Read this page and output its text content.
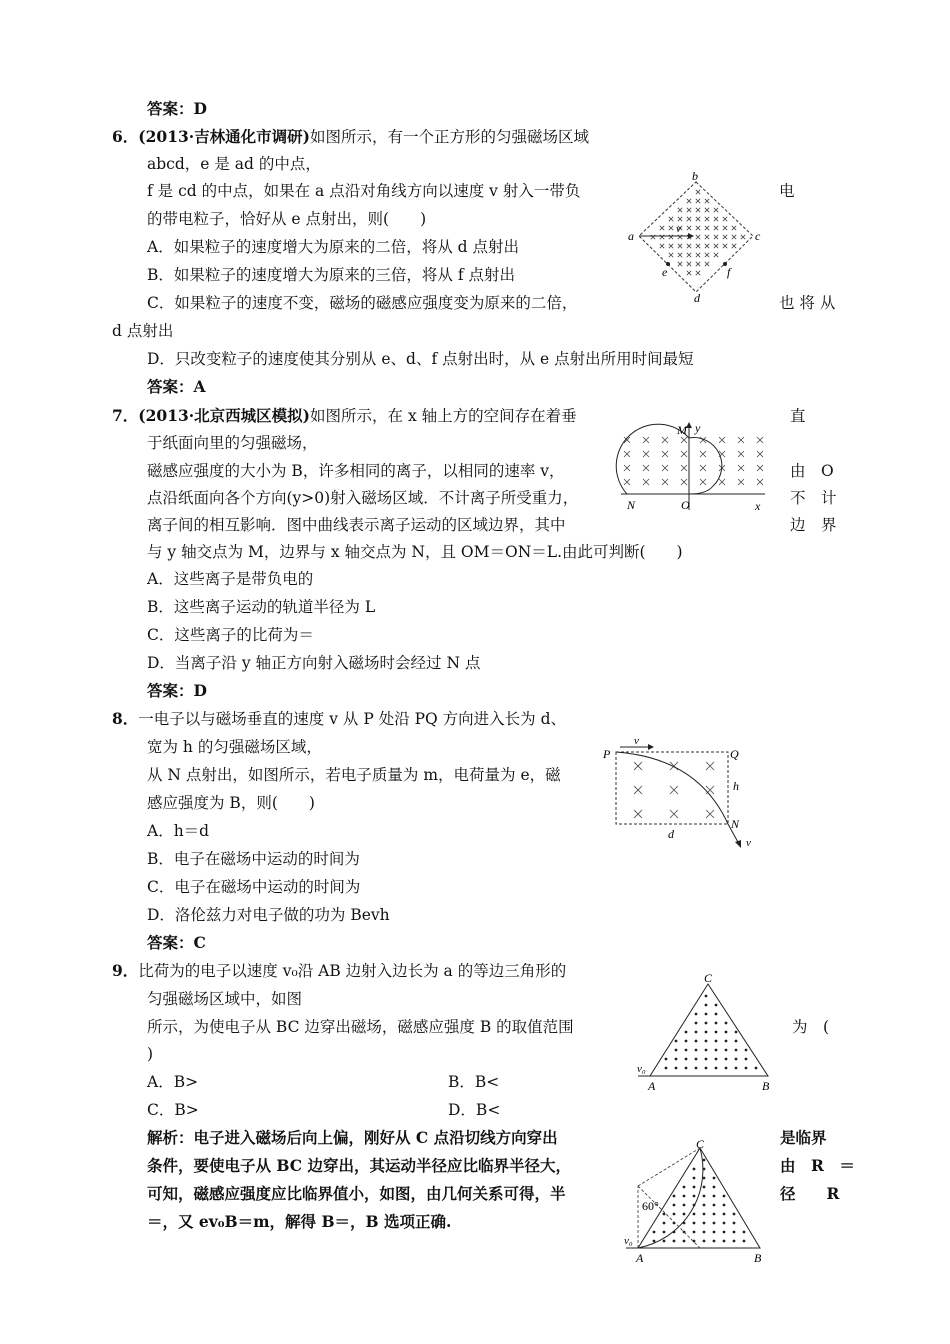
答案：D
6．(2013·吉林通化市调研)如图所示，有一个正方形的匀强磁场区域
abcd，e 是 ad 的中点，
f 是 cd 的中点，如果在 a 点沿对角线方向以速度 v 射入一带负	电
的带电粒子，恰好从 e 点射出，则(　　)
A．如果粒子的速度增大为原来的二倍，将从 d 点射出
B．如果粒子的速度增大为原来的三倍，将从 f 点射出
C．如果粒子的速度不变，磁场的磁感应强度变为原来的二倍，	也 将 从
d 点射出
D．只改变粒子的速度使其分别从 e、d、f 点射出时，从 e 点射出所用时间最短
答案：A
b
c
a
d
e	f
v
7．(2013·北京西城区模拟)如图所示，在 x 轴上方的空间存在着垂	直
于纸面向里的匀强磁场，
磁感应强度的大小为 B，许多相同的离子，以相同的速率 v，	由　O
点沿纸面向各个方向(y>0)射入磁场区域．不计离子所受重力，	不　计
离子间的相互影响．图中曲线表示离子运动的区域边界，其中	边　界
与 y 轴交点为 M，边界与 x 轴交点为 N，且 OM＝ON＝L.由此可判断(　　)
A．这些离子是带负电的
B．这些离子运动的轨道半径为 L
C．这些离子的比荷为＝
D．当离子沿 y 轴正方向射入磁场时会经过 N 点
答案：D
M y
N	O	x
8．一电子以与磁场垂直的速度 v 从 P 处沿 PQ 方向进入长为 d、
宽为 h 的匀强磁场区域，
从 N 点射出，如图所示，若电子质量为 m，电荷量为 e，磁
感应强度为 B，则(　　)
A．h＝d
B．电子在磁场中运动的时间为
C．电子在磁场中运动的时间为
D．洛伦兹力对电子做的功为 Bevh
答案：C
P	Q
v
h
d
N
v
9．比荷为的电子以速度 v₀沿 AB 边射入边长为 a 的等边三角形的
匀强磁场区域中，如图
所示，为使电子从 BC 边穿出磁场，磁感应强度 B 的取值范围	为　(
)
A．B>	B．B<
C．B>	D．B<
解析：电子进入磁场后向上偏，刚好从 C 点沿切线方向穿出	是临界
条件，要使电子从 BC 边穿出，其运动半径应比临界半径大，	由　R　＝
可知，磁感应强度应比临界值小，如图，由几何关系可得，半	径　　R
＝，又 ev₀B＝m，解得 B＝，B 选项正确.
C
A	B
v₀
C
A	B
v₀
60°
